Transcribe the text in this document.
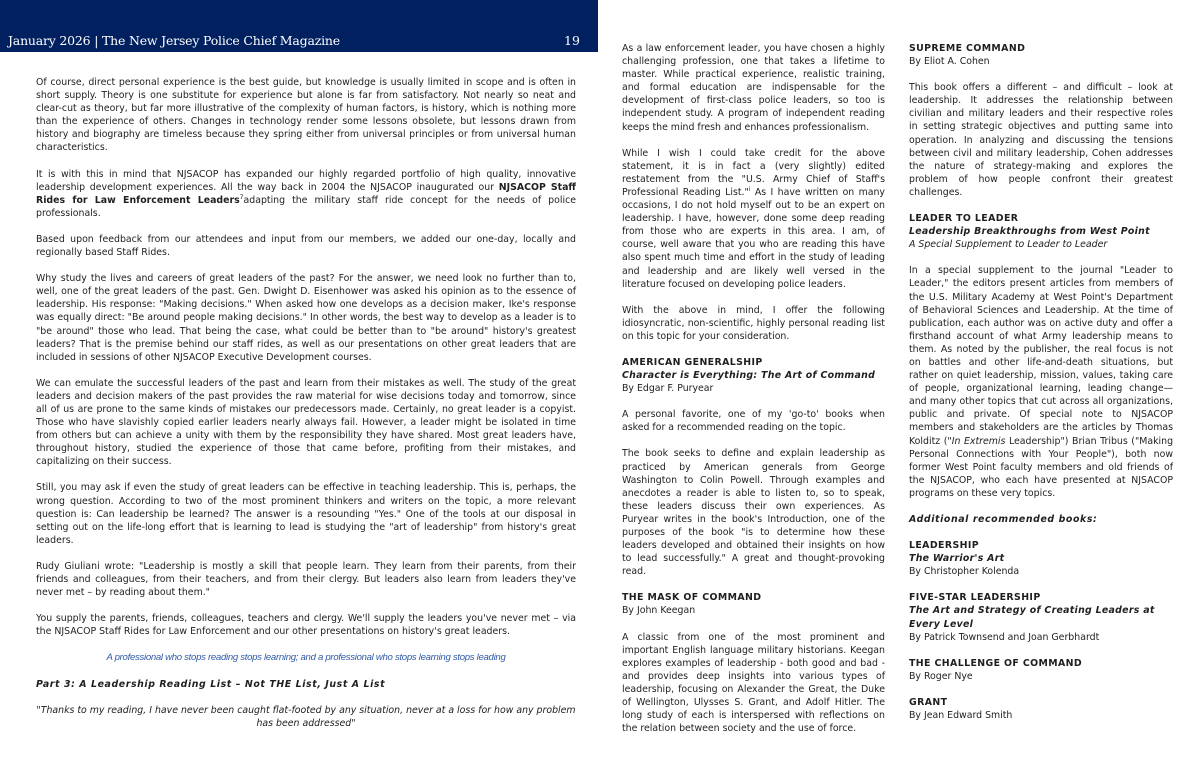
January 2026 | The New Jersey Police Chief Magazine	19

Of course, direct personal experience is the best guide, but knowledge is usually limited in scope and is often in short supply. Theory is one substitute for experience but alone is far from satisfactory. Not nearly so neat and clear-cut as theory, but far more illustrative of the complexity of human factors, is history, which is nothing more than the experience of others. Changes in technology render some lessons obsolete, but lessons drawn from history and biography are timeless because they spring either from universal principles or from universal human characteristics.

It is with this in mind that NJSACOP has expanded our highly regarded portfolio of high quality, innovative leadership development experiences. All the way back in 2004 the NJSACOP inaugurated our NJSACOP Staff Rides for Law Enforcement Leaders$^7$adapting the military staff ride concept for the needs of police professionals.

Based upon feedback from our attendees and input from our members, we added our one-day, locally and regionally based Staff Rides.

Why study the lives and careers of great leaders of the past? For the answer, we need look no further than to, well, one of the great leaders of the past. Gen. Dwight D. Eisenhower was asked his opinion as to the essence of leadership. His response: "Making decisions." When asked how one develops as a decision maker, Ike's response was equally direct: "Be around people making decisions." In other words, the best way to develop as a leader is to "be around" those who lead. That being the case, what could be better than to "be around" history's greatest leaders? That is the premise behind our staff rides, as well as our presentations on other great leaders that are included in sessions of other NJSACOP Executive Development courses.

We can emulate the successful leaders of the past and learn from their mistakes as well. The study of the great leaders and decision makers of the past provides the raw material for wise decisions today and tomorrow, since all of us are prone to the same kinds of mistakes our predecessors made. Certainly, no great leader is a copyist. Those who have slavishly copied earlier leaders nearly always fail. However, a leader might be isolated in time from others but can achieve a unity with them by the responsibility they have shared. Most great leaders have, throughout history, studied the experience of those that came before, profiting from their mistakes, and capitalizing on their success.

Still, you may ask if even the study of great leaders can be effective in teaching leadership. This is, perhaps, the wrong question. According to two of the most prominent thinkers and writers on the topic, a more relevant question is: Can leadership be learned? The answer is a resounding "Yes." One of the tools at our disposal in setting out on the life-long effort that is learning to lead is studying the "art of leadership" from history's great leaders.

Rudy Giuliani wrote: "Leadership is mostly a skill that people learn. They learn from their parents, from their friends and colleagues, from their teachers, and from their clergy. But leaders also learn from leaders they've never met – by reading about them."

You supply the parents, friends, colleagues, teachers and clergy. We'll supply the leaders you've never met – via the NJSACOP Staff Rides for Law Enforcement and our other presentations on history's great leaders.

A professional who stops reading stops learning; and a professional who stops learning stops leading
Part 3: A Leadership Reading List – Not THE List, Just A List
"Thanks to my reading, I have never been caught flat-footed by any situation, never at a loss for how any problem has been addressed"

As a law enforcement leader, you have chosen a highly challenging profession, one that takes a lifetime to master. While practical experience, realistic training, and formal education are indispensable for the development of first-class police leaders, so too is independent study. A program of independent reading keeps the mind fresh and enhances professionalism.

While I wish I could take credit for the above statement, it is in fact a (very slightly) edited restatement from the "U.S. Army Chief of Staff's Professional Reading List."$^i$ As I have written on many occasions, I do not hold myself out to be an expert on leadership. I have, however, done some deep reading from those who are experts in this area. I am, of course, well aware that you who are reading this have also spent much time and effort in the study of leading and leadership and are likely well versed in the literature focused on developing police leaders.

With the above in mind, I offer the following idiosyncratic, non-scientific, highly personal reading list on this topic for your consideration.

AMERICAN GENERALSHIP
Character is Everything: The Art of Command
By Edgar F. Puryear

A personal favorite, one of my 'go-to' books when asked for a recommended reading on the topic.

The book seeks to define and explain leadership as practiced by American generals from George Washington to Colin Powell. Through examples and anecdotes a reader is able to listen to, so to speak, these leaders discuss their own experiences. As Puryear writes in the book's Introduction, one of the purposes of the book "is to determine how these leaders developed and obtained their insights on how to lead successfully." A great and thought-provoking read.

THE MASK OF COMMAND
By John Keegan

A classic from one of the most prominent and important English language military historians. Keegan explores examples of leadership - both good and bad - and provides deep insights into various types of leadership, focusing on Alexander the Great, the Duke of Wellington, Ulysses S. Grant, and Adolf Hitler. The long study of each is interspersed with reflections on the relation between society and the use of force.

SUPREME COMMAND
By Eliot A. Cohen

This book offers a different – and difficult – look at leadership. It addresses the relationship between civilian and military leaders and their respective roles in setting strategic objectives and putting same into operation. In analyzing and discussing the tensions between civil and military leadership, Cohen addresses the nature of strategy-making and explores the problem of how people confront their greatest challenges.

LEADER TO LEADER
Leadership Breakthroughs from West Point
A Special Supplement to Leader to Leader

In a special supplement to the journal "Leader to Leader," the editors present articles from members of the U.S. Military Academy at West Point's Department of Behavioral Sciences and Leadership. At the time of publication, each author was on active duty and offer a firsthand account of what Army leadership means to them. As noted by the publisher, the real focus is not on battles and other life-and-death situations, but rather on quiet leadership, mission, values, taking care of people, organizational learning, leading change— and many other topics that cut across all organizations, public and private. Of special note to NJSACOP members and stakeholders are the articles by Thomas Kolditz ("In Extremis Leadership") Brian Tribus ("Making Personal Connections with Your People"), both now former West Point faculty members and old friends of the NJSACOP, who each have presented at NJSACOP programs on these very topics.

Additional recommended books:
LEADERSHIP
The Warrior's Art
By Christopher Kolenda
FIVE-STAR LEADERSHIP
The Art and Strategy of Creating Leaders at Every Level
By Patrick Townsend and Joan Gerbhardt
THE CHALLENGE OF COMMAND
By Roger Nye
GRANT
By Jean Edward Smith
